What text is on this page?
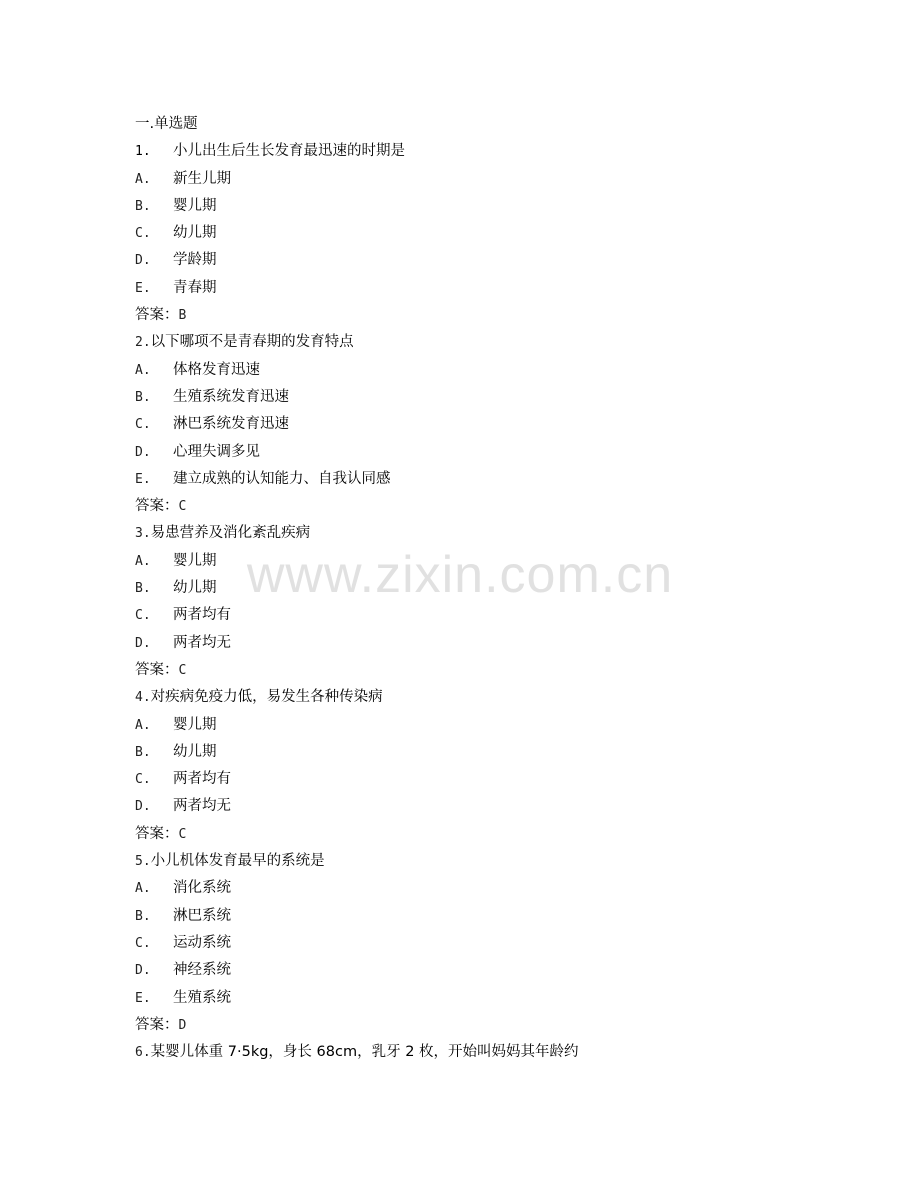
一.单选题
1. 小儿出生后生长发育最迅速的时期是
A. 新生儿期
B. 婴儿期
C. 幼儿期
D. 学龄期
E. 青春期
答案：B
2.以下哪项不是青春期的发育特点
A. 体格发育迅速
B. 生殖系统发育迅速
C. 淋巴系统发育迅速
D. 心理失调多见
E. 建立成熟的认知能力、自我认同感
答案：C
3.易患营养及消化紊乱疾病
A. 婴儿期
B. 幼儿期
C. 两者均有
D. 两者均无
答案：C
4.对疾病免疫力低，易发生各种传染病
A. 婴儿期
B. 幼儿期
C. 两者均有
D. 两者均无
答案：C
5.小儿机体发育最早的系统是
A. 消化系统
B. 淋巴系统
C. 运动系统
D. 神经系统
E. 生殖系统
答案：D
6.某婴儿体重 7·5kg，身长 68cm，乳牙 2 枚，开始叫妈妈其年龄约
www.zixin.com.cn
